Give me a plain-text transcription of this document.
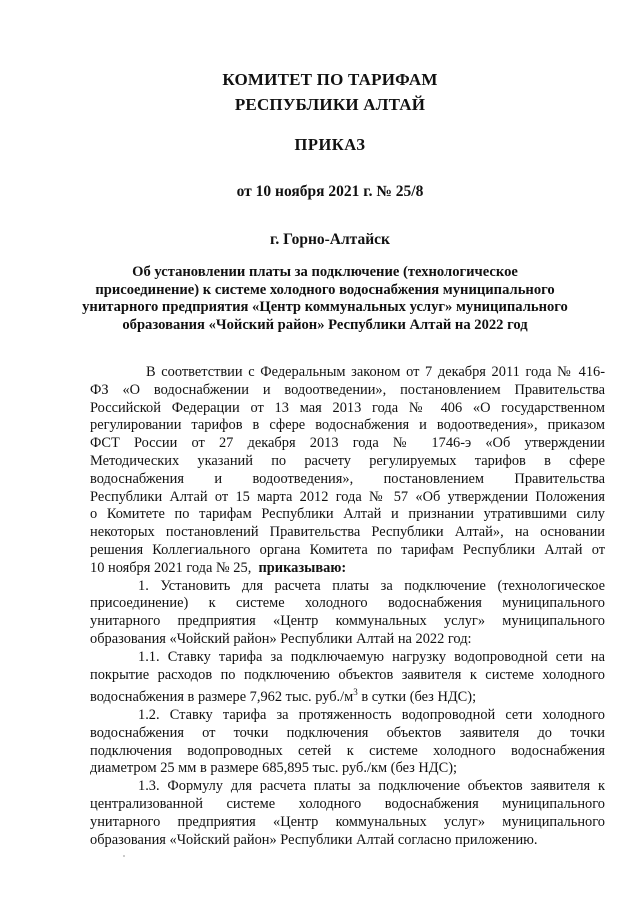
КОМИТЕТ ПО ТАРИФАМ
РЕСПУБЛИКИ АЛТАЙ
ПРИКАЗ
от 10 ноября 2021 г. № 25/8
г. Горно-Алтайск
Об установлении платы за подключение (технологическое
присоединение) к системе холодного водоснабжения муниципального
унитарного предприятия «Центр коммунальных услуг» муниципального
образования «Чойский район» Республики Алтай на 2022 год

В соответствии с Федеральным законом от 7 декабря 2011 года № 416-
ФЗ «О водоснабжении и водоотведении», постановлением Правительства
Российской Федерации от 13 мая 2013 года № 406 «О государственном
регулировании тарифов в сфере водоснабжения и водоотведения», приказом
ФСТ России от 27 декабря 2013 года № 1746-э «Об утверждении
Методических указаний по расчету регулируемых тарифов в сфере
водоснабжения и водоотведения», постановлением Правительства
Республики Алтай от 15 марта 2012 года № 57 «Об утверждении Положения
о Комитете по тарифам Республики Алтай и признании утратившими силу
некоторых постановлений Правительства Республики Алтай», на основании
решения Коллегиального органа Комитета по тарифам Республики Алтай от
10 ноября 2021 года № 25, приказываю:

1. Установить для расчета платы за подключение (технологическое
присоединение) к системе холодного водоснабжения муниципального
унитарного предприятия «Центр коммунальных услуг» муниципального
образования «Чойский район» Республики Алтай на 2022 год:

1.1. Ставку тарифа за подключаемую нагрузку водопроводной сети на
покрытие расходов по подключению объектов заявителя к системе холодного
водоснабжения в размере 7,962 тыс. $руб./м^3$ в сутки (без НДС);

1.2. Ставку тарифа за протяженность водопроводной сети холодного
водоснабжения от точки подключения объектов заявителя до точки
подключения водопроводных сетей к системе холодного водоснабжения
диаметром 25 мм в размере 685,895 тыс. руб./км (без НДС);

1.3. Формулу для расчета платы за подключение объектов заявителя к
централизованной системе холодного водоснабжения муниципального
унитарного предприятия «Центр коммунальных услуг» муниципального
образования «Чойский район» Республики Алтай согласно приложению.
